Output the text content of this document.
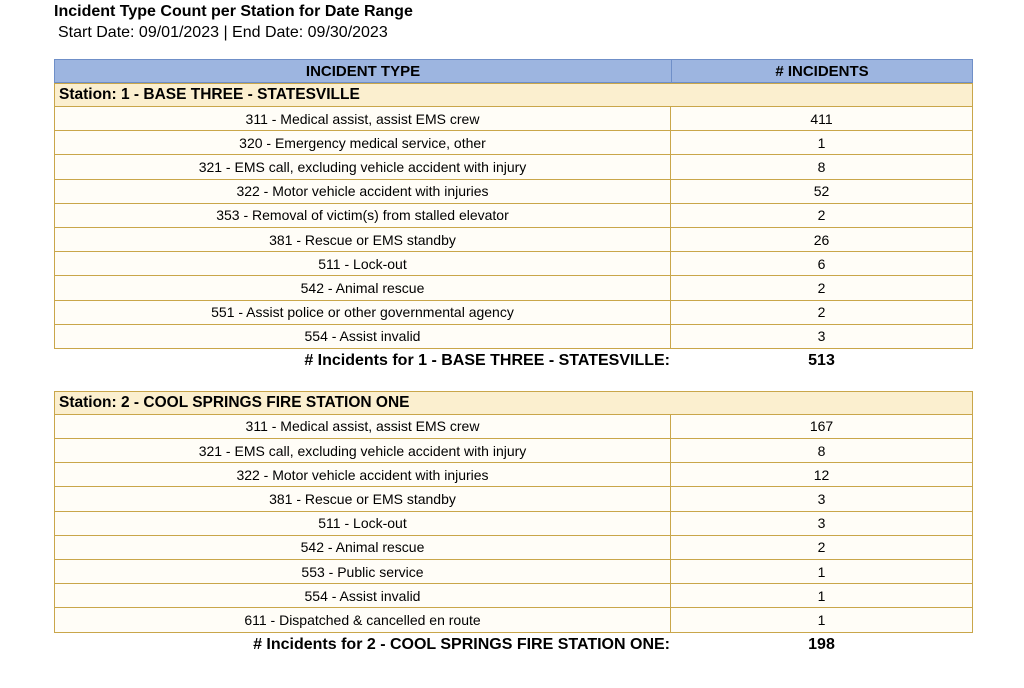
Incident Type Count per Station for Date Range
Start Date: 09/01/2023 | End Date: 09/30/2023
INCIDENT TYPE	# INCIDENTS
Station: 1 - BASE THREE - STATESVILLE
311 - Medical assist, assist EMS crew	411
320 - Emergency medical service, other	1
321 - EMS call, excluding vehicle accident with injury	8
322 - Motor vehicle accident with injuries	52
353 - Removal of victim(s) from stalled elevator	2
381 - Rescue or EMS standby	26
511 - Lock-out	6
542 - Animal rescue	2
551 - Assist police or other governmental agency	2
554 - Assist invalid	3
# Incidents for 1 - BASE THREE - STATESVILLE:	513
Station: 2 - COOL SPRINGS FIRE STATION ONE
311 - Medical assist, assist EMS crew	167
321 - EMS call, excluding vehicle accident with injury	8
322 - Motor vehicle accident with injuries	12
381 - Rescue or EMS standby	3
511 - Lock-out	3
542 - Animal rescue	2
553 - Public service	1
554 - Assist invalid	1
611 - Dispatched & cancelled en route	1
# Incidents for 2 - COOL SPRINGS FIRE STATION ONE:	198
